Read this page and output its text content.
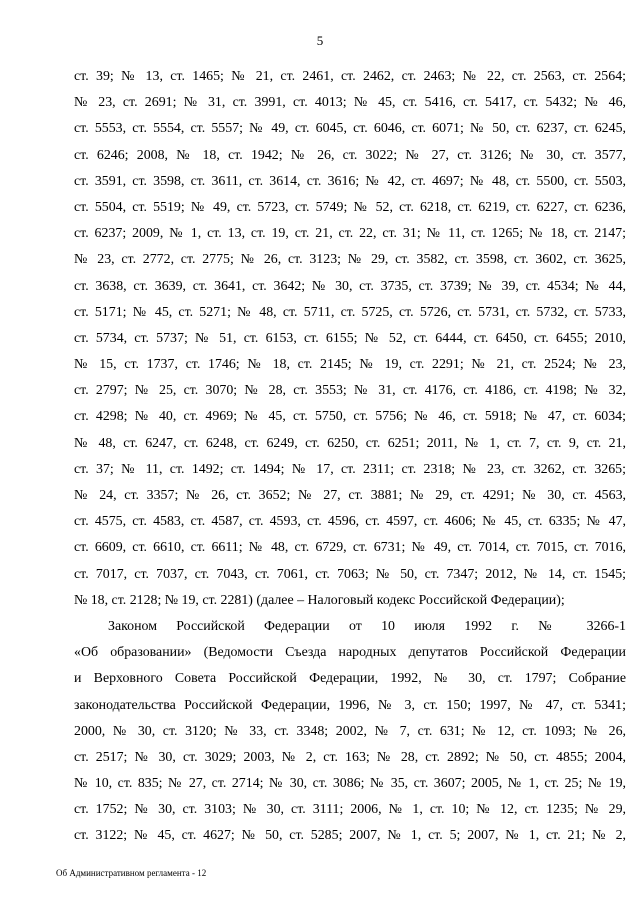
5
ст. 39; № 13, ст. 1465; № 21, ст. 2461, ст. 2462, ст. 2463; № 22, ст. 2563, ст. 2564;
№ 23, ст. 2691; № 31, ст. 3991, ст. 4013; № 45, ст. 5416, ст. 5417, ст. 5432; № 46,
ст. 5553, ст. 5554, ст. 5557; № 49, ст. 6045, ст. 6046, ст. 6071; № 50, ст. 6237, ст. 6245,
ст. 6246; 2008, № 18, ст. 1942; № 26, ст. 3022; № 27, ст. 3126; № 30, ст. 3577,
ст. 3591, ст. 3598, ст. 3611, ст. 3614, ст. 3616; № 42, ст. 4697; № 48, ст. 5500, ст. 5503,
ст. 5504, ст. 5519; № 49, ст. 5723, ст. 5749; № 52, ст. 6218, ст. 6219, ст. 6227, ст. 6236,
ст. 6237; 2009, № 1, ст. 13, ст. 19, ст. 21, ст. 22, ст. 31; № 11, ст. 1265; № 18, ст. 2147;
№ 23, ст. 2772, ст. 2775; № 26, ст. 3123; № 29, ст. 3582, ст. 3598, ст. 3602, ст. 3625,
ст. 3638, ст. 3639, ст. 3641, ст. 3642; № 30, ст. 3735, ст. 3739; № 39, ст. 4534; № 44,
ст. 5171; № 45, ст. 5271; № 48, ст. 5711, ст. 5725, ст. 5726, ст. 5731, ст. 5732, ст. 5733,
ст. 5734, ст. 5737; № 51, ст. 6153, ст. 6155; № 52, ст. 6444, ст. 6450, ст. 6455; 2010,
№ 15, ст. 1737, ст. 1746; № 18, ст. 2145; № 19, ст. 2291; № 21, ст. 2524; № 23,
ст. 2797; № 25, ст. 3070; № 28, ст. 3553; № 31, ст. 4176, ст. 4186, ст. 4198; № 32,
ст. 4298; № 40, ст. 4969; № 45, ст. 5750, ст. 5756; № 46, ст. 5918; № 47, ст. 6034;
№ 48, ст. 6247, ст. 6248, ст. 6249, ст. 6250, ст. 6251; 2011, № 1, ст. 7, ст. 9, ст. 21,
ст. 37; № 11, ст. 1492; ст. 1494; № 17, ст. 2311; ст. 2318; № 23, ст. 3262, ст. 3265;
№ 24, ст. 3357; № 26, ст. 3652; № 27, ст. 3881; № 29, ст. 4291; № 30, ст. 4563,
ст. 4575, ст. 4583, ст. 4587, ст. 4593, ст. 4596, ст. 4597, ст. 4606; № 45, ст. 6335; № 47,
ст. 6609, ст. 6610, ст. 6611; № 48, ст. 6729, ст. 6731; № 49, ст. 7014, ст. 7015, ст. 7016,
ст. 7017, ст. 7037, ст. 7043, ст. 7061, ст. 7063; № 50, ст. 7347; 2012, № 14, ст. 1545;
№ 18, ст. 2128; № 19, ст. 2281) (далее – Налоговый кодекс Российской Федерации);
Законом Российской Федерации от 10 июля 1992 г. № 3266-1
«Об образовании» (Ведомости Съезда народных депутатов Российской Федерации
и Верховного Совета Российской Федерации, 1992, № 30, ст. 1797; Собрание
законодательства Российской Федерации, 1996, № 3, ст. 150; 1997, № 47, ст. 5341;
2000, № 30, ст. 3120; № 33, ст. 3348; 2002, № 7, ст. 631; № 12, ст. 1093; № 26,
ст. 2517; № 30, ст. 3029; 2003, № 2, ст. 163; № 28, ст. 2892; № 50, ст. 4855; 2004,
№ 10, ст. 835; № 27, ст. 2714; № 30, ст. 3086; № 35, ст. 3607; 2005, № 1, ст. 25; № 19,
ст. 1752; № 30, ст. 3103; № 30, ст. 3111; 2006, № 1, ст. 10; № 12, ст. 1235; № 29,
ст. 3122; № 45, ст. 4627; № 50, ст. 5285; 2007, № 1, ст. 5; 2007, № 1, ст. 21; № 2,
Об Административном регламента - 12
